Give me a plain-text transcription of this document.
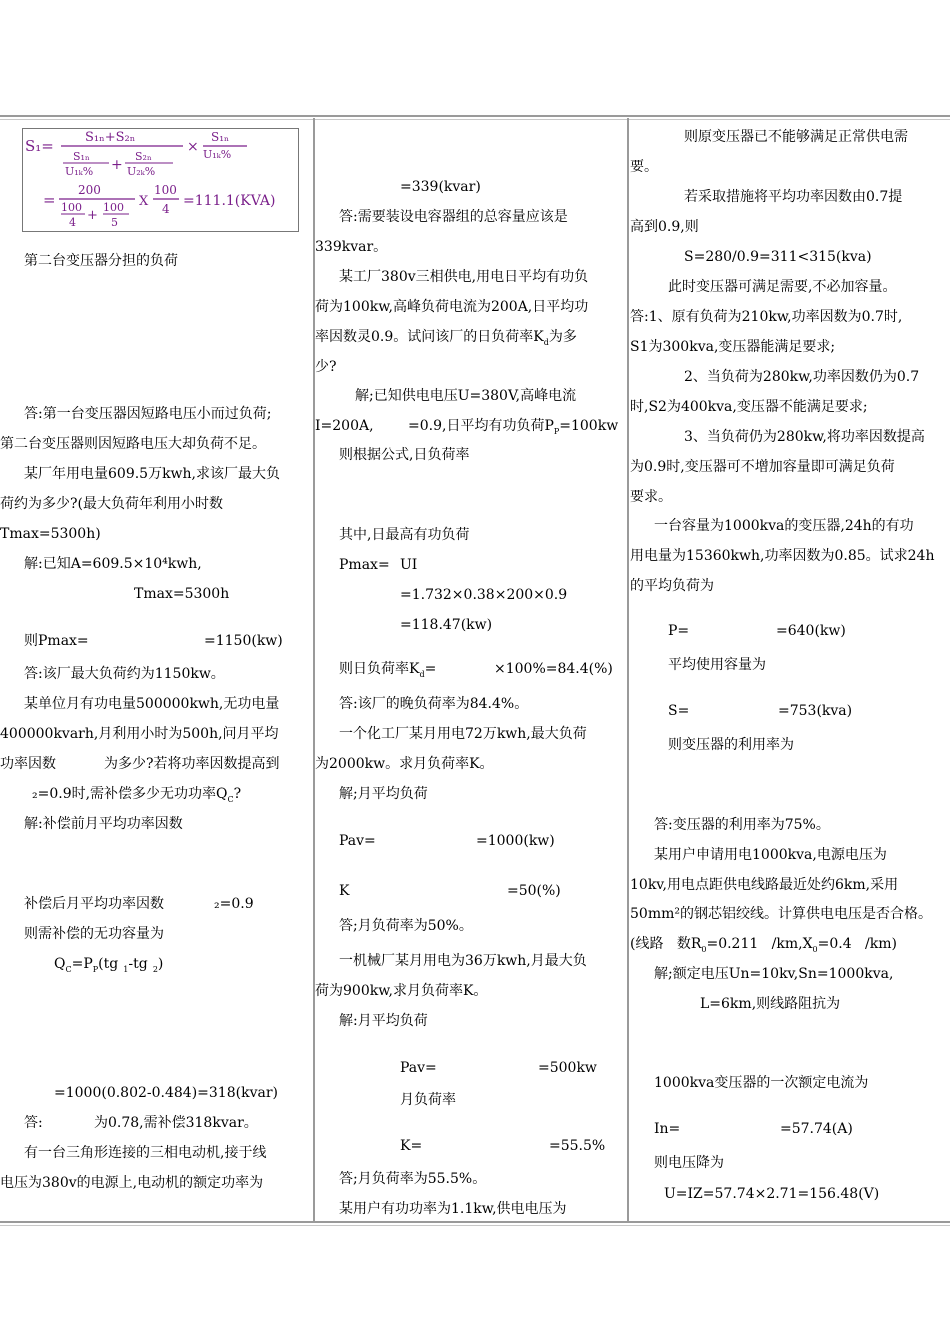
S₁= S₁ₙ+S₂ₙ
S₁ₙ
U₁ₖ% +
S₂ₙ
U₂ₖ%
×
S₁ₙ
U₁ₖ%
=
200
100
4 +
100
5
X
100
4 =111.1(KVA)
第二台变压器分担的负荷
答:第一台变压器因短路电压小而过负荷;
第二台变压器则因短路电压大却负荷不足。
某厂年用电量609.5万kwh,求该厂最大负
荷约为多少?(最大负荷年利用小时数
Tmax=5300h)
解:已知A=609.5×10⁴kwh,
Tmax=5300h
则Pmax=	=1150(kw)
答:该厂最大负荷约为1150kw。
某单位月有功电量500000kwh,无功电量
400000kvarh,月利用小时为500h,问月平均
功率因数	为多少?若将功率因数提高到
₂=0.9时,需补偿多少无功功率$Q_C$?
解:补偿前月平均功率因数
补偿后月平均功率因数	₂=0.9
则需补偿的无功容量为
$Q_C=P_P(tg$  $_1$-tg  $_2$)
=1000(0.802-0.484)=318(kvar)
答:	为0.78,需补偿318kvar。
有一台三角形连接的三相电动机,接于线
电压为380v的电源上,电动机的额定功率为
=339(kvar)
答:需要装设电容器组的总容量应该是
339kvar。
某工厂380v三相供电,用电日平均有功负
荷为100kw,高峰负荷电流为200A,日平均功
率因数灵0.9。试问该厂的日负荷率$K_d$为多
少?
解;已知供电电压U=380V,高峰电流
I=200A, =0.9,日平均有功负荷$P_P=100kw$
则根据公式,日负荷率
其中,日最高有功负荷
Pmax= UI
=1.732×0.38×200×0.9
=118.47(kw)
则日负荷率$K_d=$	×100%=84.4(%)
答:该厂的晚负荷率为84.4%。
一个化工厂某月用电72万kwh,最大负荷
为2000kw。求月负荷率K。
解;月平均负荷
Pav=	=1000(kw)
K	=50(%)
答;月负荷率为50%。
一机械厂某月用电为36万kwh,月最大负
荷为900kw,求月负荷率K。
解:月平均负荷
Pav=	=500kw
月负荷率
K=	=55.5%
答;月负荷率为55.5%。
某用户有功功率为1.1kw,供电电压为
则原变压器已不能够满足正常供电需
要。
若采取措施将平均功率因数由0.7提
高到0.9,则
S=280/0.9=311<315(kva)
此时变压器可满足需要,不必加容量。
答:1、原有负荷为210kw,功率因数为0.7时,
S1为300kva,变压器能满足要求;
2、当负荷为280kw,功率因数仍为0.7
时,S2为400kva,变压器不能满足要求;
3、当负荷仍为280kw,将功率因数提高
为0.9时,变压器可不增加容量即可满足负荷
要求。
一台容量为1000kva的变压器,24h的有功
用电量为15360kwh,功率因数为0.85。试求24h
的平均负荷为
P=	=640(kw)
平均使用容量为
S=	=753(kva)
则变压器的利用率为
答:变压器的利用率为75%。
某用户申请用电1000kva,电源电压为
10kv,用电点距供电线路最近处约6km,采用
50mm²的钢芯铝绞线。计算供电电压是否合格。
(线路 数$R_0=0.211$ $/km,X_0=0.4$ /km)
解;额定电压Un=10kv,Sn=1000kva,
L=6km,则线路阻抗为
1000kva变压器的一次额定电流为
In=	=57.74(A)
则电压降为
U=IZ=57.74×2.71=156.48(V)
